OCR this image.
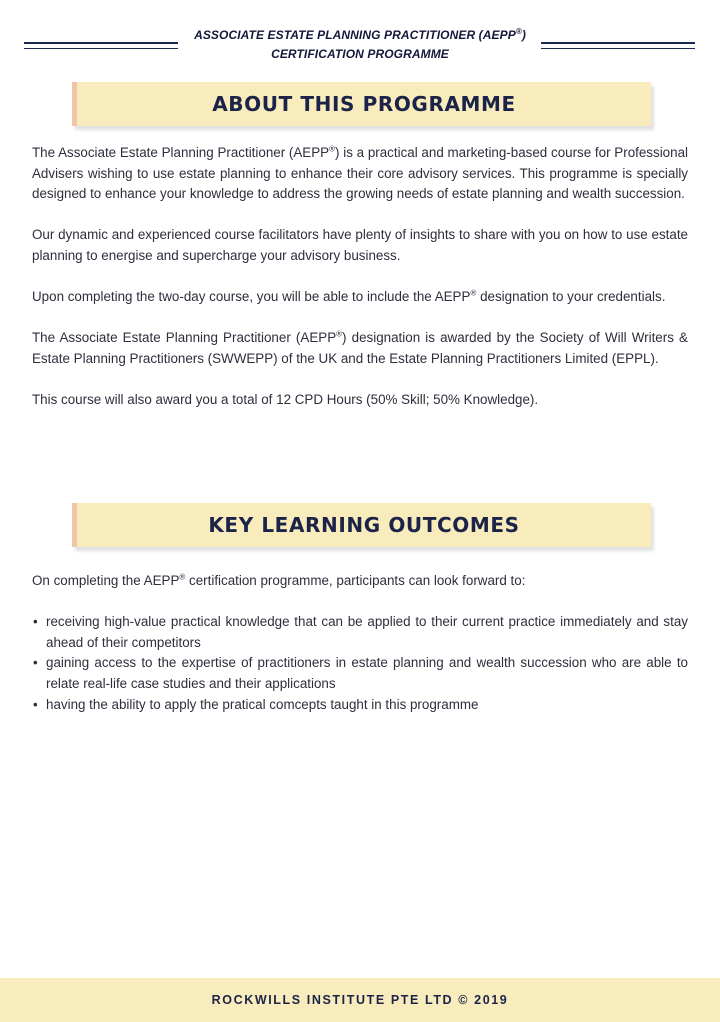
ASSOCIATE ESTATE PLANNING PRACTITIONER (AEPP®)
CERTIFICATION PROGRAMME
ABOUT THIS PROGRAMME

The Associate Estate Planning Practitioner (AEPP®) is a practical and marketing-based course for Professional Advisers wishing to use estate planning to enhance their core advisory services. This programme is specially designed to enhance your knowledge to address the growing needs of estate planning and wealth succession.

Our dynamic and experienced course facilitators have plenty of insights to share with you on how to use estate planning to energise and supercharge your advisory business.

Upon completing the two-day course, you will be able to include the AEPP® designation to your credentials.

The Associate Estate Planning Practitioner (AEPP®) designation is awarded by the Society of Will Writers & Estate Planning Practitioners (SWWEPP) of the UK and the Estate Planning Practitioners Limited (EPPL).

This course will also award you a total of 12 CPD Hours (50% Skill; 50% Knowledge).

KEY LEARNING OUTCOMES

On completing the AEPP® certification programme, participants can look forward to:

• receiving high-value practical knowledge that can be applied to their current practice immediately and stay ahead of their competitors
• gaining access to the expertise of practitioners in estate planning and wealth succession who are able to relate real-life case studies and their applications
• having the ability to apply the pratical comcepts taught in this programme
ROCKWILLS INSTITUTE PTE LTD © 2019
